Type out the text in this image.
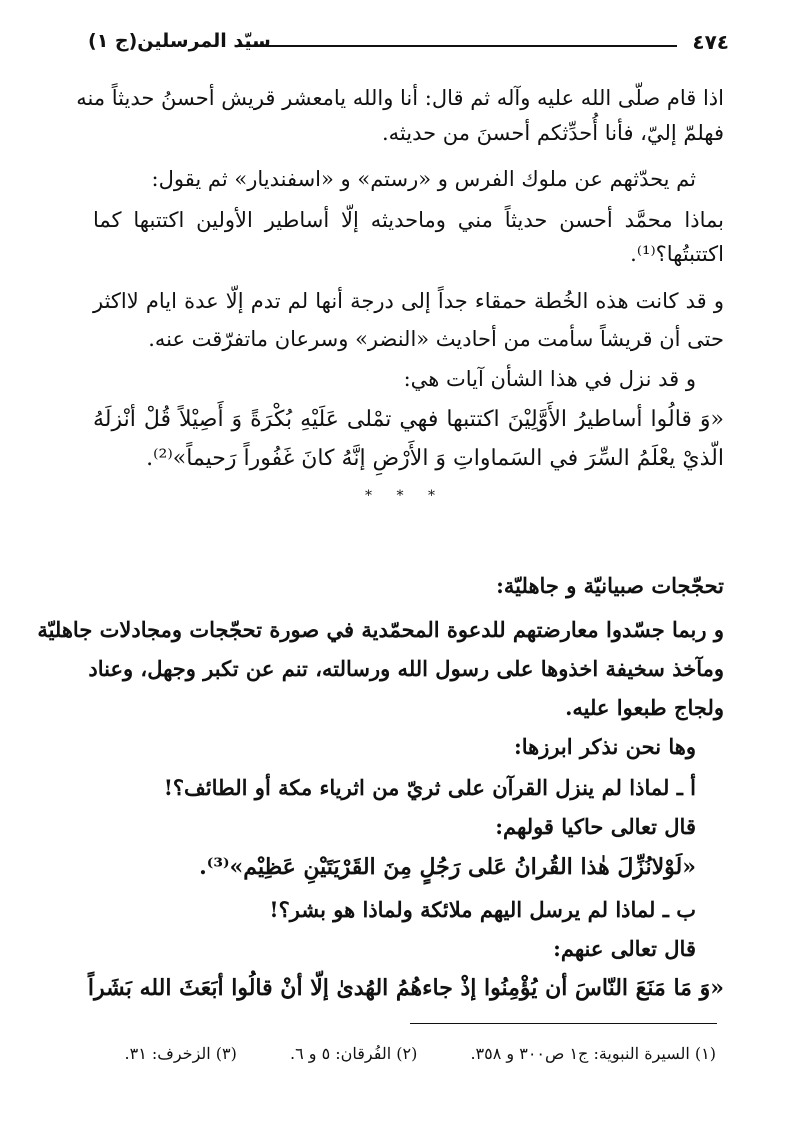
٤٧٤
سيّد المرسلين(ج ١)
اذا قام صلّى الله عليه وآله ثم قال: أنا والله يامعشر قريش أحسنُ حديثاً منه
فهلمّ إليّ، فأنا أُحدِّثكم أحسنَ من حديثه.
ثم يحدّثهم عن ملوك الفرس و «رستم» و «اسفنديار» ثم يقول:
بماذا محمَّد أحسن حديثاً مني وماحديثه إلّا أساطير الأولين اكتتبها كما
اكتتبتُها؟⁽¹⁾.
و قد كانت هذه الخُطة حمقاء جداً إلى درجة أنها لم تدم إلّا عدة ايام لااكثر
حتى أن قريشاً سأمت من أحاديث «النضر» وسرعان ماتفرّقت عنه.
و قد نزل في هذا الشأن آيات هي:
«وَ قالُوا أساطيرُ الأَوَّلِيْنَ اكتتبها فهي تمْلى عَلَيْهِ بُكْرَةً وَ أَصِيْلاً قُلْ أنْزلَهُ
الّذيْ يعْلَمُ السِّرَ في السَماواتِ وَ الأَرْضِ إنَّهُ كانَ غَفُوراً رَحيماً»⁽²⁾.
* * *
تحجّجات صبيانيّة و جاهليّة:
و ربما جسّدوا معارضتهم للدعوة المحمّدية في صورة تحجّجات ومجادلات جاهليّة
ومآخذ سخيفة اخذوها على رسول الله ورسالته، تنم عن تكبر وجهل، وعناد
ولجاج طبعوا عليه.
وها نحن نذكر ابرزها:
أ ـ لماذا لم ينزل القرآن على ثريّ من اثرياء مكة أو الطائف؟!
قال تعالى حاكيا قولهم:
«لَوْلانُزِّلَ هٰذا القُرانُ عَلى رَجُلٍ مِنَ القَرْيَتَيْنِ عَظِيْم»⁽³⁾.
ب ـ لماذا لم يرسل اليهم ملائكة ولماذا هو بشر؟!
قال تعالى عنهم:
«وَ مَا مَنَعَ النّاسَ أن يُؤْمِنُوا إذْ جاءهُمُ الهُدىٰ إلّا أنْ قالُوا أبَعَثَ الله بَشَراً
(١) السيرة النبوية: ج١ ص٣٠٠ و ٣٥٨. (٢) الفُرقان: ٥ و ٦. (٣) الزخرف: ٣١.
